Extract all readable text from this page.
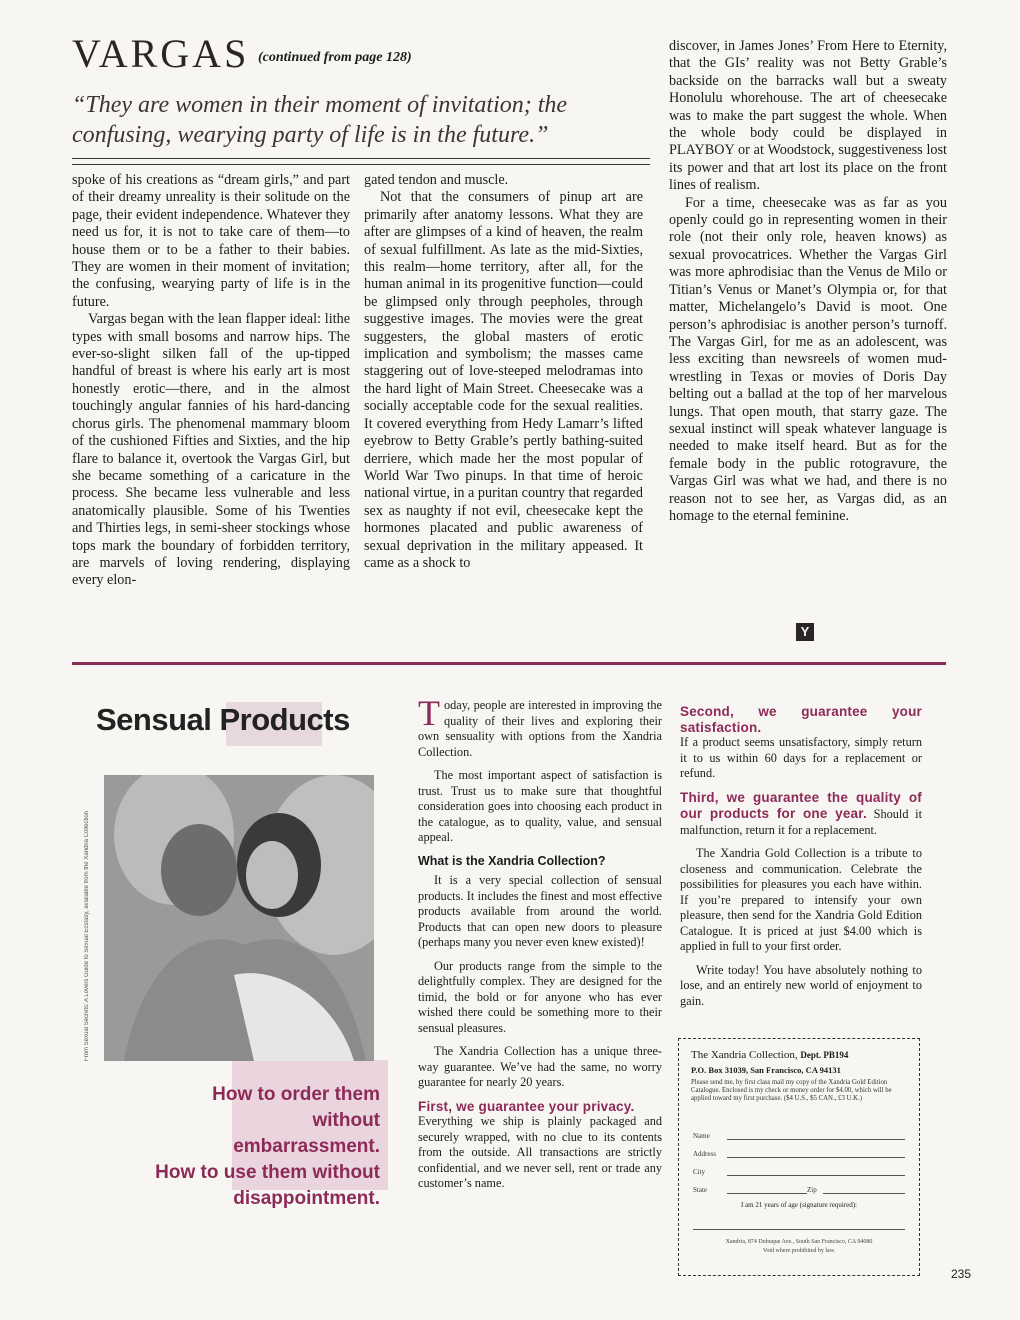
VARGAS (continued from page 128)
“They are women in their moment of invitation; the confusing, wearying party of life is in the future.”

spoke of his creations as “dream girls,” and part of their dreamy unreality is their solitude on the page, their evident independence. Whatever they need us for, it is not to take care of them—to house them or to be a father to their babies. They are women in their moment of invitation; the confusing, wearying party of life is in the future.

Vargas began with the lean flapper ideal: lithe types with small bosoms and narrow hips. The ever-so-slight silken fall of the up-tipped handful of breast is where his early art is most honestly erotic—there, and in the almost touchingly angular fannies of his hard-dancing chorus girls. The phenomenal mammary bloom of the cushioned Fifties and Sixties, and the hip flare to balance it, overtook the Vargas Girl, but she became something of a caricature in the process. She became less vulnerable and less anatomically plausible. Some of his Twenties and Thirties legs, in semi-sheer stockings whose tops mark the boundary of forbidden territory, are marvels of loving rendering, displaying every elon-

gated tendon and muscle.

Not that the consumers of pinup art are primarily after anatomy lessons. What they are after are glimpses of a kind of heaven, the realm of sexual fulfillment. As late as the mid-Sixties, this realm—home territory, after all, for the human animal in its progenitive function—could be glimpsed only through peepholes, through suggestive images. The movies were the great suggesters, the global masters of erotic implication and symbolism; the masses came staggering out of love-steeped melodramas into the hard light of Main Street. Cheesecake was a socially acceptable code for the sexual realities. It covered everything from Hedy Lamarr’s lifted eyebrow to Betty Grable’s pertly bathing-suited derriere, which made her the most popular of World War Two pinups. In that time of heroic national virtue, in a puritan country that regarded sex as naughty if not evil, cheesecake kept the hormones placated and public awareness of sexual deprivation in the military appeased. It came as a shock to

discover, in James Jones’ From Here to Eternity, that the GIs’ reality was not Betty Grable’s backside on the barracks wall but a sweaty Honolulu whorehouse. The art of cheesecake was to make the part suggest the whole. When the whole body could be displayed in PLAYBOY or at Woodstock, suggestiveness lost its power and that art lost its place on the front lines of realism.

For a time, cheesecake was as far as you openly could go in representing women in their role (not their only role, heaven knows) as sexual provocatrices. Whether the Vargas Girl was more aphrodisiac than the Venus de Milo or Titian’s Venus or Manet’s Olympia or, for that matter, Michelangelo’s David is moot. One person’s aphrodisiac is another person’s turnoff. The Vargas Girl, for me as an adolescent, was less exciting than newsreels of women mud-wrestling in Texas or movies of Doris Day belting out a ballad at the top of her marvelous lungs. That open mouth, that starry gaze. The sexual instinct will speak whatever language is needed to make itself heard. But as for the female body in the public rotogravure, the Vargas Girl was what we had, and there is no reason not to see her, as Vargas did, as an homage to the eternal feminine.

Y
Sensual Products
From Sexual Secrets: A Lovers Guide to Sexual Ecstasy, available from the Xandria Collection
How to order them without
embarrassment.
How to use them without
disappointment.

Today, people are interested in improving the quality of their lives and exploring their own sensuality with options from the Xandria Collection.

The most important aspect of satisfaction is trust. Trust us to make sure that thoughtful consideration goes into choosing each product in the catalogue, as to quality, value, and sensual appeal.

What is the Xandria Collection?

It is a very special collection of sensual products. It includes the finest and most effective products available from around the world. Products that can open new doors to pleasure (perhaps many you never even knew existed)!

Our products range from the simple to the delightfully complex. They are designed for the timid, the bold or for anyone who has ever wished there could be something more to their sensual pleasures.

The Xandria Collection has a unique three-way guarantee. We’ve had the same, no worry guarantee for nearly 20 years.

First, we guarantee your privacy.

Everything we ship is plainly packaged and securely wrapped, with no clue to its contents from the outside. All transactions are strictly confidential, and we never sell, rent or trade any customer’s name.

Second, we guarantee your satisfaction.

If a product seems unsatisfactory, simply return it to us within 60 days for a replacement or refund.

Third, we guarantee the quality of our products for one year. Should it malfunction, return it for a replacement.

The Xandria Gold Collection is a tribute to closeness and communication. Celebrate the possibilities for pleasures you each have within. If you’re prepared to intensify your own pleasure, then send for the Xandria Gold Edition Catalogue. It is priced at just $4.00 which is applied in full to your first order.

Write today! You have absolutely nothing to lose, and an entirely new world of enjoyment to gain.

The Xandria Collection, Dept. PB194
P.O. Box 31039, San Francisco, CA 94131
Please send me, by first class mail my copy of the Xandria Gold Edition Catalogue. Enclosed is my check or money order for $4.00, which will be applied toward my first purchase. ($4 U.S., $5 CAN., £3 U.K.)
Name
Address
City
State	Zip
I am 21 years of age (signature required):
Xandria, 874 Dubuque Ave., South San Francisco, CA 94080
Void where prohibited by law.
235
